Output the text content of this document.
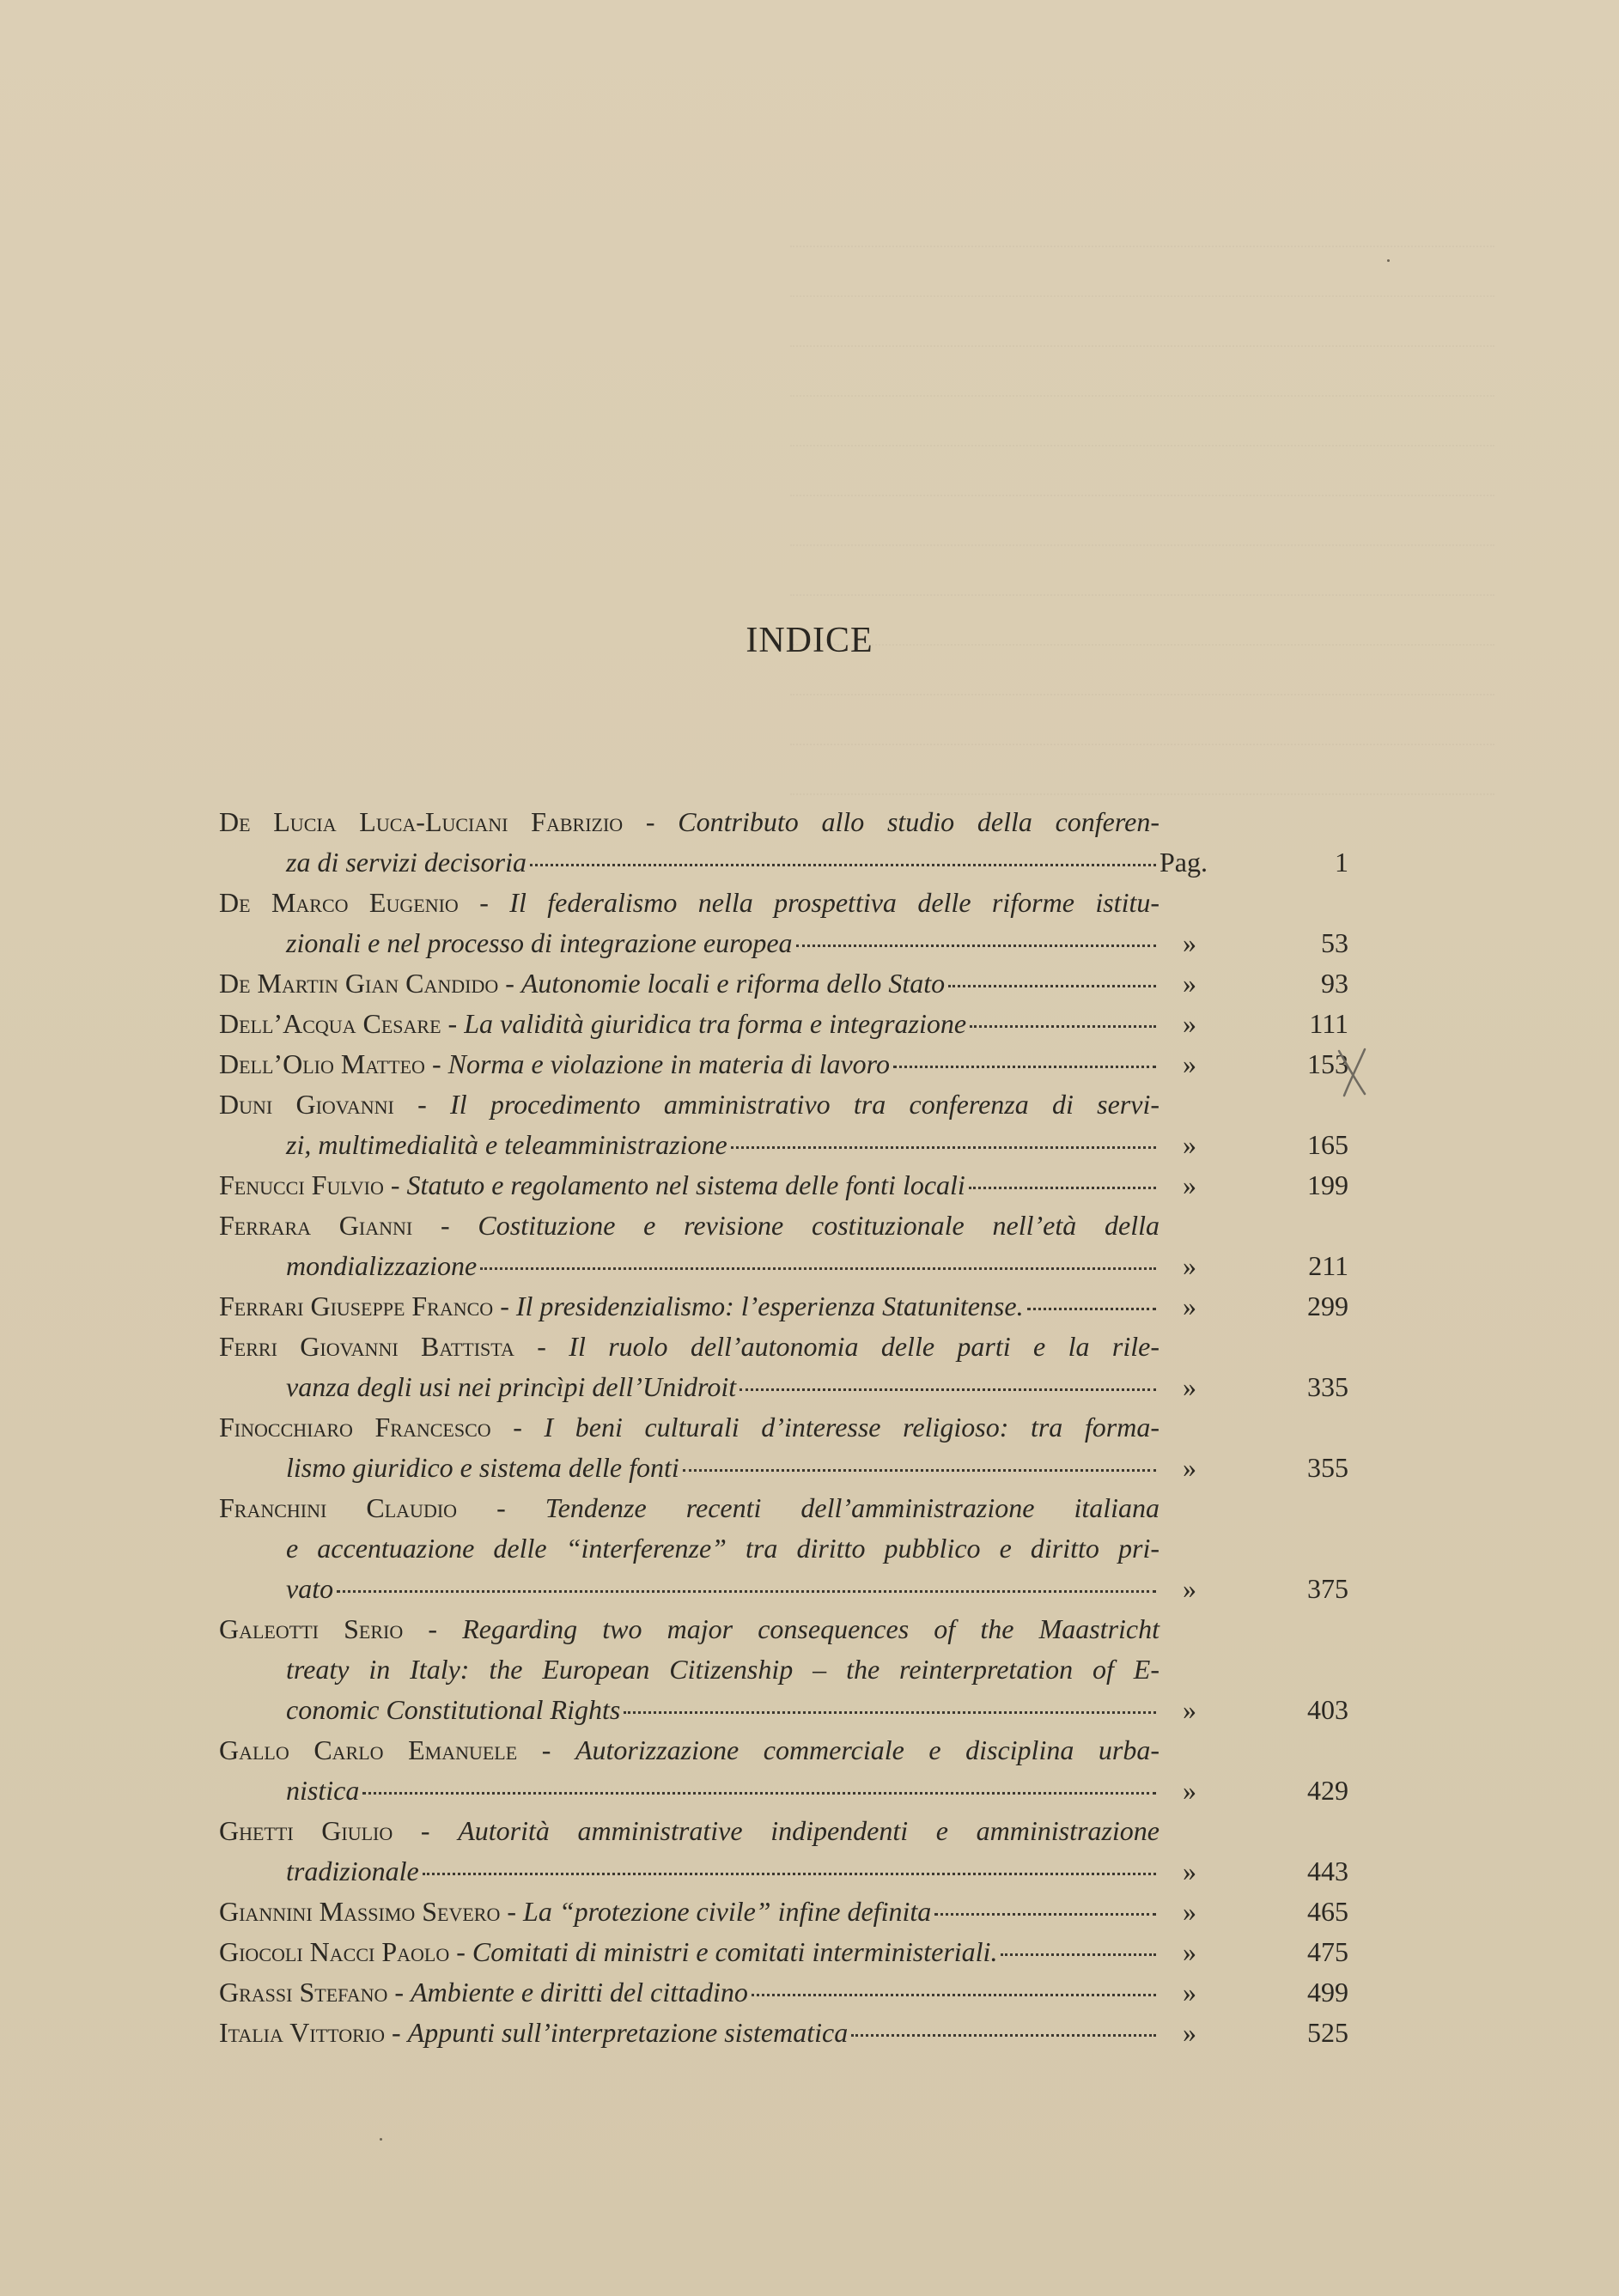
INDICE
De Lucia Luca-Luciani Fabrizio - Contributo allo studio della conferen-
za di servizi decisoria	Pag.	1
De Marco Eugenio - Il federalismo nella prospettiva delle riforme istitu-
zionali e nel processo di integrazione europea	»	53
De Martin Gian Candido - Autonomie locali e riforma dello Stato	»	93
Dell’Acqua Cesare - La validità giuridica tra forma e integrazione	»	111
Dell’Olio Matteo - Norma e violazione in materia di lavoro	»	153
Duni Giovanni - Il procedimento amministrativo tra conferenza di servi-
zi, multimedialità e teleamministrazione	»	165
Fenucci Fulvio - Statuto e regolamento nel sistema delle fonti locali	»	199
Ferrara Gianni - Costituzione e revisione costituzionale nell’età della
mondializzazione	»	211
Ferrari Giuseppe Franco - Il presidenzialismo: l’esperienza Statunitense.	»	299
Ferri Giovanni Battista - Il ruolo dell’autonomia delle parti e la rile-
vanza degli usi nei princìpi dell’Unidroit	»	335
Finocchiaro Francesco - I beni culturali d’interesse religioso: tra forma-
lismo giuridico e sistema delle fonti	»	355
Franchini Claudio - Tendenze recenti dell’amministrazione italiana
e accentuazione delle “interferenze” tra diritto pubblico e diritto pri-
vato	»	375
Galeotti Serio - Regarding two major consequences of the Maastricht
treaty in Italy: the European Citizenship – the reinterpretation of E-
conomic Constitutional Rights	»	403
Gallo Carlo Emanuele - Autorizzazione commerciale e disciplina urba-
nistica	»	429
Ghetti Giulio - Autorità amministrative indipendenti e amministrazione
tradizionale	»	443
Giannini Massimo Severo - La “protezione civile” infine definita	»	465
Giocoli Nacci Paolo - Comitati di ministri e comitati interministeriali.	»	475
Grassi Stefano - Ambiente e diritti del cittadino	»	499
Italia Vittorio - Appunti sull’interpretazione sistematica	»	525
